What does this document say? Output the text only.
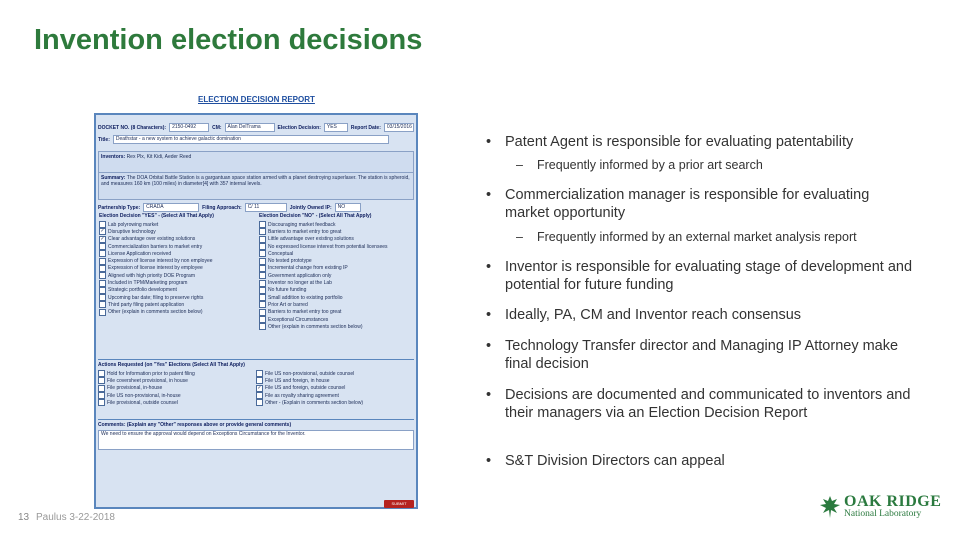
Invention election decisions
ELECTION DECISION REPORT
DOCKET NO. (8 Characters):	2150-0492	CM:	Alan DelTrama	Election Decision:	YES	Report Date:	03/15/2016
Title:	Deathstar - a new system to achieve galactic domination
Inventors: Rex Plx, Kit Kidi, Aeder Reed
Summary: The DOA Orbital Battle Station is a gargantuan space station armed with a planet destroying superlaser. The station is spheroid, and measures 160 km (100 miles) in diameter[4] with 357 internal levels.
Partnership Type:	CRADA	Filing Approach:	C/ 11	Jointly Owned IP:	NO
Election Decision "YES" - (Select All That Apply)
Lab polyrowing market
✓ Disruptive technology
✓ Clear advantage over existing solutions
Commercialization barriers to market entry
License Application received
Expression of license interest by non employee
Expression of license interest by employee
Aligned with high priority DOE Program
Included in TPM/Marketing program
Strategic portfolio development
Upcoming bar date; filing to preserve rights
Third party filing patent application
Other (explain in comments section below)
Election Decision "NO" - (Select All That Apply)
Discouraging market feedback
Barriers to market entry too great
Little advantage over existing solutions
No expressed license interest from potential licensees
Conceptual
No tested prototype
Incremental change from existing IP
Government application only
Inventor no longer at the Lab
No future funding
Small addition to existing portfolio
Prior Art or barred
Barriers to market entry too great
Exceptional Circumstances
Other (explain in comments section below)
Actions Requested (on "Yes" Elections (Select All That Apply)
Hold for Information prior to patent filing
File coversheet provisional, in house
File provisional, in-house
File US non-provisional, in-house
File provisional, outside counsel
File US non-provisional, outside counsel
File US and foreign, in house
✓ File US and foreign, outside counsel
File as royalty sharing agreement
Other - (Explain in comments section below)
Comments: (Explain any "Other" responses above or provide general comments)
We need to ensure the approval would depend on Exceptions Circumstance for the Inventor.
SUBMIT
• Patent Agent is responsible for evaluating patentability
–	Frequently informed by a prior art search
• Commercialization manager is responsible for evaluating market opportunity
–	Frequently informed by an external market analysis report
• Inventor is responsible for evaluating stage of development and potential for future funding
• Ideally, PA, CM and Inventor reach consensus
• Technology Transfer director and Managing IP Attorney make final decision
• Decisions are documented and communicated to inventors and their managers via an Election Decision Report
• S&T Division Directors can appeal
13 Paulus 3-22-2018
OAK RIDGE
National Laboratory
